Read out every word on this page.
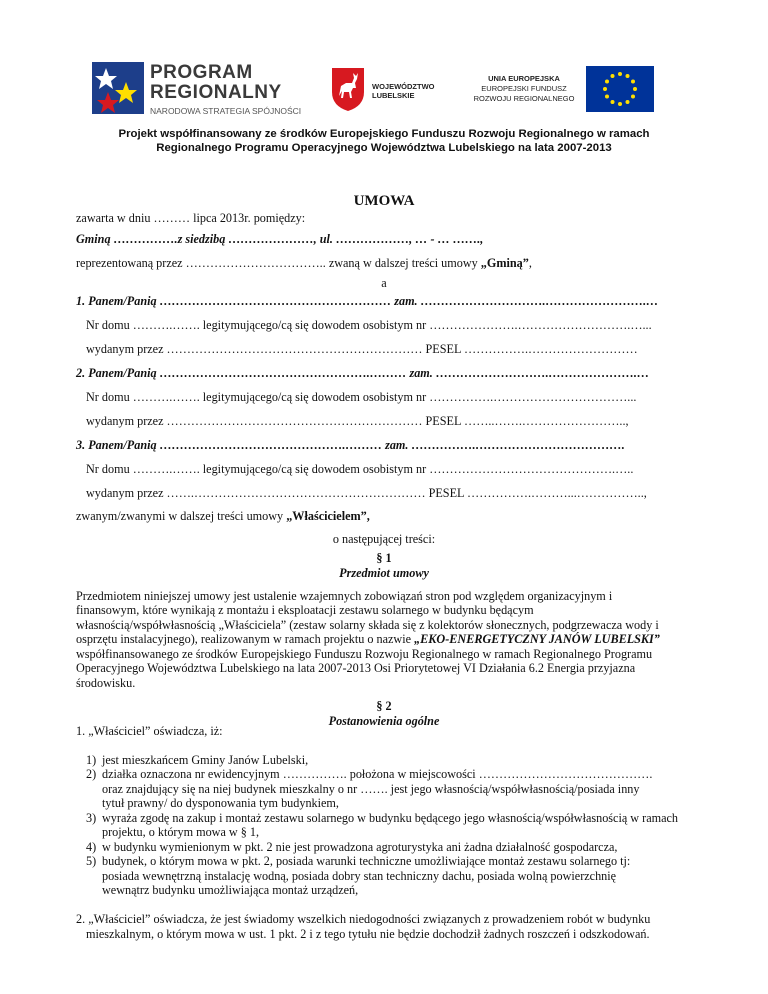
PROGRAM
REGIONALNY
NARODOWA STRATEGIA SPÓJNOŚCI
WOJEWÓDZTWO
LUBELSKIE
UNIA EUROPEJSKA
EUROPEJSKI FUNDUSZ
ROZWOJU REGIONALNEGO
Projekt współfinansowany ze środków Europejskiego Funduszu Rozwoju Regionalnego w ramach
Regionalnego Programu Operacyjnego Województwa Lubelskiego na lata 2007-2013
UMOWA
zawarta w dniu ……… lipca 2013r. pomiędzy:
Gminą …………….z siedzibą …………………, ul. ………………, … - … …….,
reprezentowaną przez …………………………….. zwaną w dalszej treści umowy „Gminą”,
a
1. Panem/Panią ………………………………………………… zam. ………………………….…………………….…
Nr domu ……….……. legitymującego/cą się dowodem osobistym nr ………………….……………………….…...
wydanym przez ……………………………………………………… PESEL …………….………………………
2. Panem/Panią …………………………………………….……… zam. ……………………….………………….…
Nr domu ……….……. legitymującego/cą się dowodem osobistym nr …………….……………………………...
wydanym przez ……………………………………………………… PESEL ……..…….……………………..,
3. Panem/Panią ……………………………………….……… zam. …………….……………………………….
Nr domu ……….……. legitymującego/cą się dowodem osobistym nr ……………………………………….…..
wydanym przez …….………………………………………………… PESEL …………….………...……………..,
zwanym/zwanymi w dalszej treści umowy „Właścicielem”,
o następującej treści:
§ 1
Przedmiot umowy
Przedmiotem niniejszej umowy jest ustalenie wzajemnych zobowiązań stron pod względem organizacyjnym i
finansowym, które wynikają z montażu i eksploatacji zestawu solarnego w budynku będącym
własnością/współwłasnością „Właściciela” (zestaw solarny składa się z kolektorów słonecznych, podgrzewacza wody i
osprzętu instalacyjnego), realizowanym w ramach projektu o nazwie „EKO-ENERGETYCZNY JANÓW LUBELSKI”
współfinansowanego ze środków Europejskiego Funduszu Rozwoju Regionalnego w ramach Regionalnego Programu
Operacyjnego Województwa Lubelskiego na lata 2007-2013 Osi Priorytetowej VI Działania 6.2 Energia przyjazna
środowisku.
§ 2
Postanowienia ogólne
1. „Właściciel” oświadcza, iż:
1) jest mieszkańcem Gminy Janów Lubelski,
2) działka oznaczona nr ewidencyjnym ……………. położona w miejscowości …………………………………….
oraz znajdujący się na niej budynek mieszkalny o nr ……. jest jego własnością/współwłasnością/posiada inny
tytuł prawny/ do dysponowania tym budynkiem,
3) wyraża zgodę na zakup i montaż zestawu solarnego w budynku będącego jego własnością/współwłasnością w ramach
projektu, o którym mowa w § 1,
4) w budynku wymienionym w pkt. 2 nie jest prowadzona agroturystyka ani żadna działalność gospodarcza,
5) budynek, o którym mowa w pkt. 2, posiada warunki techniczne umożliwiające montaż zestawu solarnego tj:
posiada wewnętrzną instalację wodną, posiada dobry stan techniczny dachu, posiada wolną powierzchnię
wewnątrz budynku umożliwiająca montaż urządzeń,
2. „Właściciel” oświadcza, że jest świadomy wszelkich niedogodności związanych z prowadzeniem robót w budynku
mieszkalnym, o którym mowa w ust. 1 pkt. 2 i z tego tytułu nie będzie dochodził żadnych roszczeń i odszkodowań.
